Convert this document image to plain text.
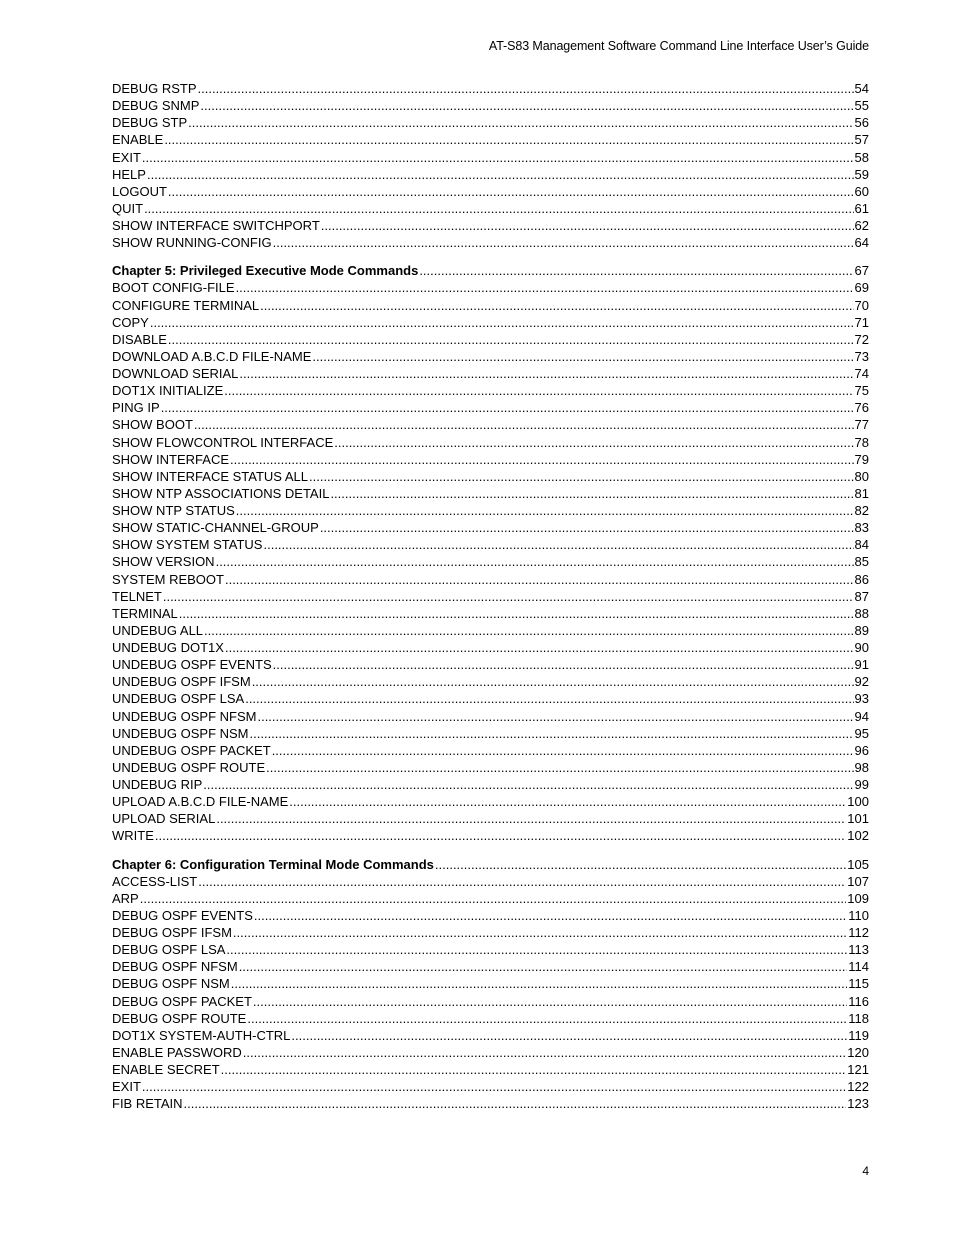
AT-S83 Management Software Command Line Interface User’s Guide
DEBUG RSTP .....	54
DEBUG SNMP .....	55
DEBUG STP .....	56
ENABLE .....	57
EXIT .....	58
HELP .....	59
LOGOUT .....	60
QUIT .....	61
SHOW INTERFACE SWITCHPORT .....	62
SHOW RUNNING-CONFIG .....	64
Chapter 5: Privileged Executive Mode Commands .....	67
BOOT CONFIG-FILE .....	69
CONFIGURE TERMINAL .....	70
COPY .....	71
DISABLE .....	72
DOWNLOAD A.B.C.D FILE-NAME .....	73
DOWNLOAD SERIAL .....	74
DOT1X INITIALIZE .....	75
PING IP .....	76
SHOW BOOT .....	77
SHOW FLOWCONTROL INTERFACE .....	78
SHOW INTERFACE .....	79
SHOW INTERFACE STATUS ALL .....	80
SHOW NTP ASSOCIATIONS DETAIL .....	81
SHOW NTP STATUS .....	82
SHOW STATIC-CHANNEL-GROUP .....	83
SHOW SYSTEM STATUS .....	84
SHOW VERSION .....	85
SYSTEM REBOOT .....	86
TELNET .....	87
TERMINAL .....	88
UNDEBUG ALL .....	89
UNDEBUG DOT1X .....	90
UNDEBUG OSPF EVENTS .....	91
UNDEBUG OSPF IFSM .....	92
UNDEBUG OSPF LSA .....	93
UNDEBUG OSPF NFSM .....	94
UNDEBUG OSPF NSM .....	95
UNDEBUG OSPF PACKET .....	96
UNDEBUG OSPF ROUTE .....	98
UNDEBUG RIP .....	99
UPLOAD A.B.C.D FILE-NAME .....	100
UPLOAD SERIAL .....	101
WRITE .....	102
Chapter 6: Configuration Terminal Mode Commands .....	105
ACCESS-LIST .....	107
ARP .....	109
DEBUG OSPF EVENTS .....	110
DEBUG OSPF IFSM .....	112
DEBUG OSPF LSA .....	113
DEBUG OSPF NFSM .....	114
DEBUG OSPF NSM .....	115
DEBUG OSPF PACKET .....	116
DEBUG OSPF ROUTE .....	118
DOT1X SYSTEM-AUTH-CTRL .....	119
ENABLE PASSWORD .....	120
ENABLE SECRET .....	121
EXIT .....	122
FIB RETAIN .....	123
4
